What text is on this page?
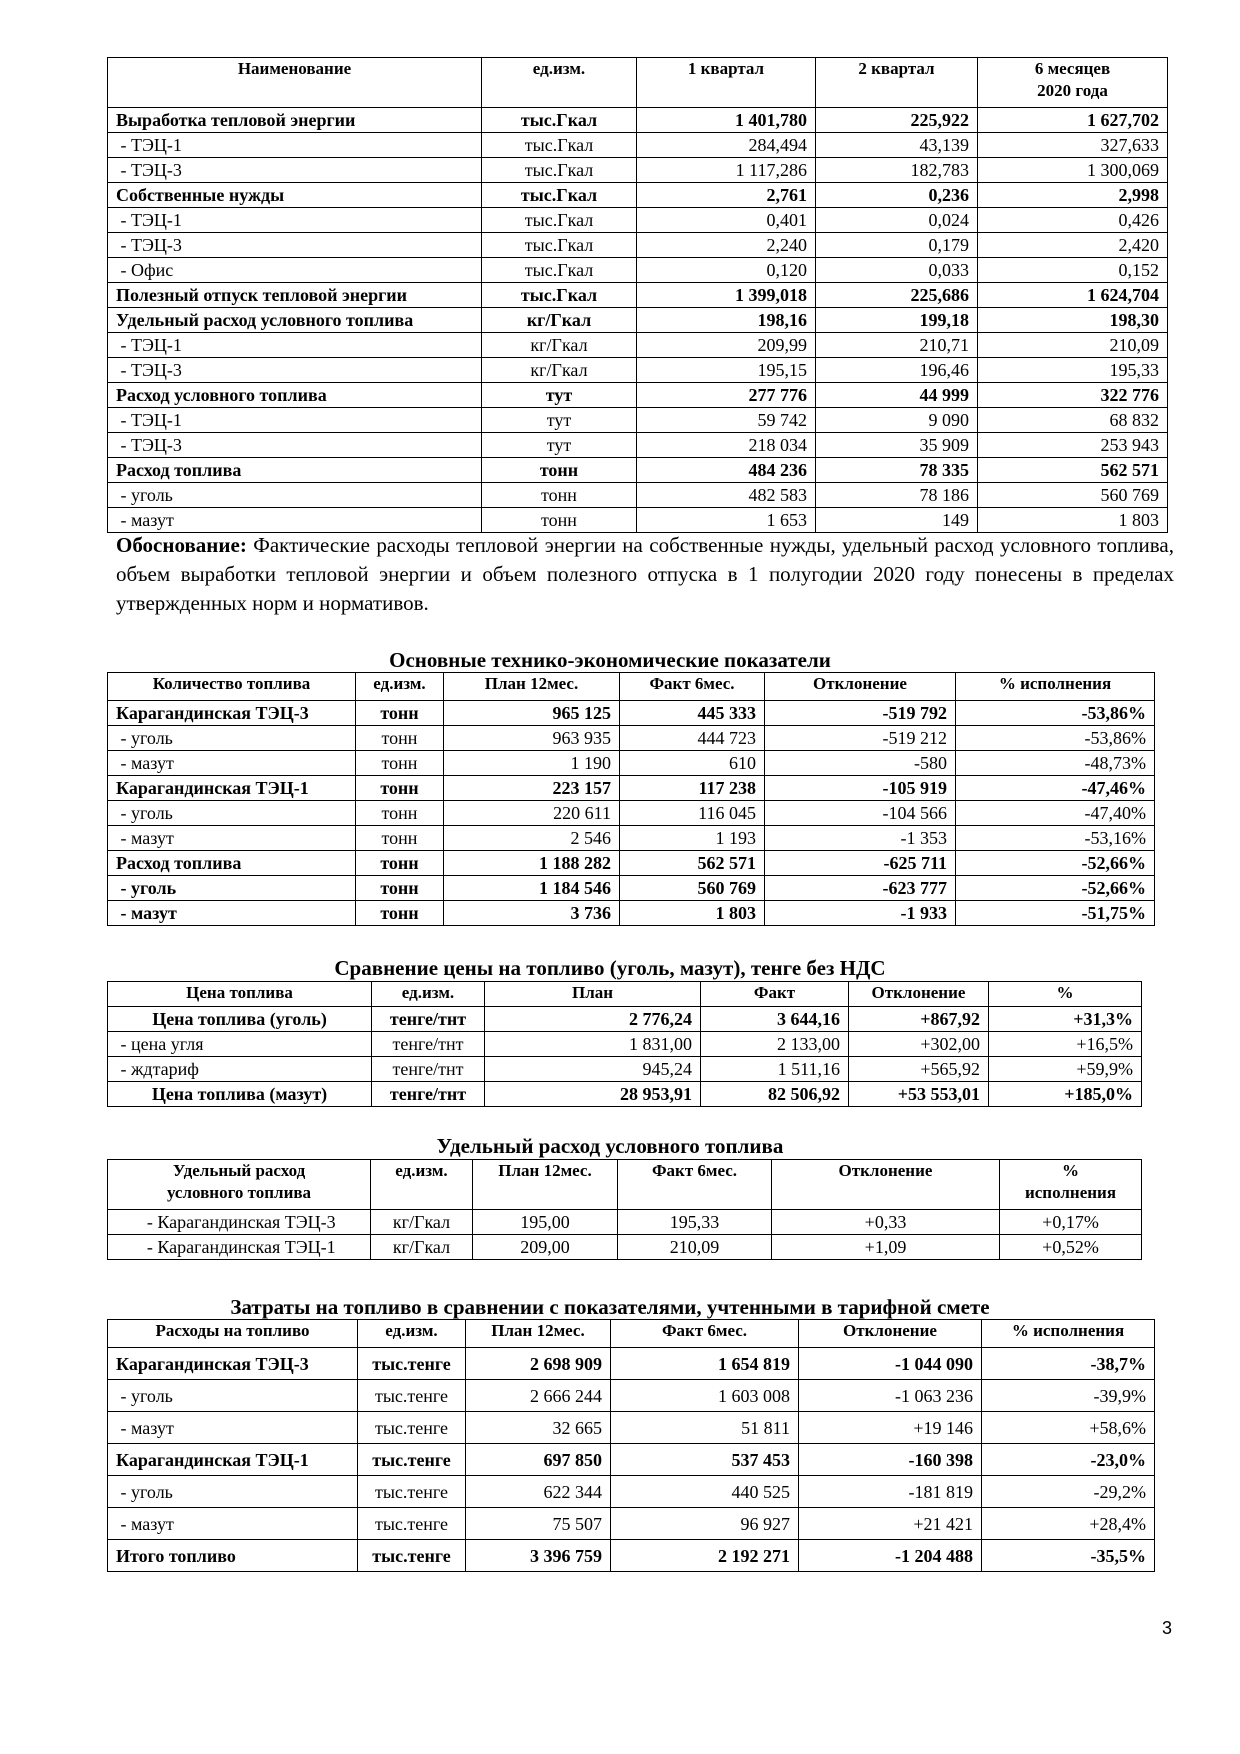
Наименование	ед.изм.	1 квартал	2 квартал	6 месяцев
2020 года
Выработка тепловой энергии	тыс.Гкал	1 401,780	225,922	1 627,702
- ТЭЦ-1	тыс.Гкал	284,494	43,139	327,633
- ТЭЦ-3	тыс.Гкал	1 117,286	182,783	1 300,069
Собственные нужды	тыс.Гкал	2,761	0,236	2,998
- ТЭЦ-1	тыс.Гкал	0,401	0,024	0,426
- ТЭЦ-3	тыс.Гкал	2,240	0,179	2,420
- Офис	тыс.Гкал	0,120	0,033	0,152
Полезный отпуск тепловой энергии	тыс.Гкал	1 399,018	225,686	1 624,704
Удельный расход условного топлива	кг/Гкал	198,16	199,18	198,30
- ТЭЦ-1	кг/Гкал	209,99	210,71	210,09
- ТЭЦ-3	кг/Гкал	195,15	196,46	195,33
Расход условного топлива	тут	277 776	44 999	322 776
- ТЭЦ-1	тут	59 742	9 090	68 832
- ТЭЦ-3	тут	218 034	35 909	253 943
Расход топлива	тонн	484 236	78 335	562 571
- уголь	тонн	482 583	78 186	560 769
- мазут	тонн	1 653	149	1 803
Обоснование: Фактические расходы тепловой энергии на собственные нужды, удельный расход условного топлива, объем выработки тепловой энергии и объем полезного отпуска в 1 полугодии 2020 году понесены в пределах утвержденных норм и нормативов.
Основные технико-экономические показатели
Количество топлива	ед.изм.	План 12мес.	Факт 6мес.	Отклонение	% исполнения
Карагандинская ТЭЦ-3	тонн	965 125	445 333	-519 792	-53,86%
- уголь	тонн	963 935	444 723	-519 212	-53,86%
- мазут	тонн	1 190	610	-580	-48,73%
Карагандинская ТЭЦ-1	тонн	223 157	117 238	-105 919	-47,46%
- уголь	тонн	220 611	116 045	-104 566	-47,40%
- мазут	тонн	2 546	1 193	-1 353	-53,16%
Расход топлива	тонн	1 188 282	562 571	-625 711	-52,66%
- уголь	тонн	1 184 546	560 769	-623 777	-52,66%
- мазут	тонн	3 736	1 803	-1 933	-51,75%
Сравнение цены на топливо (уголь, мазут), тенге без НДС
Цена топлива	ед.изм.	План	Факт	Отклонение	%
Цена топлива (уголь)	тенге/тнт	2 776,24	3 644,16	+867,92	+31,3%
- цена угля	тенге/тнт	1 831,00	2 133,00	+302,00	+16,5%
- ждтариф	тенге/тнт	945,24	1 511,16	+565,92	+59,9%
Цена топлива (мазут)	тенге/тнт	28 953,91	82 506,92	+53 553,01	+185,0%
Удельный расход условного топлива
Удельный расход
условного топлива	ед.изм.	План 12мес.	Факт 6мес.	Отклонение	%
исполнения
- Карагандинская ТЭЦ-3	кг/Гкал	195,00	195,33	+0,33	+0,17%
- Карагандинская ТЭЦ-1	кг/Гкал	209,00	210,09	+1,09	+0,52%
Затраты на топливо в сравнении с показателями, учтенными в тарифной смете
Расходы на топливо	ед.изм.	План 12мес.	Факт 6мес.	Отклонение	% исполнения
Карагандинская ТЭЦ-3	тыс.тенге	2 698 909	1 654 819	-1 044 090	-38,7%
- уголь	тыс.тенге	2 666 244	1 603 008	-1 063 236	-39,9%
- мазут	тыс.тенге	32 665	51 811	+19 146	+58,6%
Карагандинская ТЭЦ-1	тыс.тенге	697 850	537 453	-160 398	-23,0%
- уголь	тыс.тенге	622 344	440 525	-181 819	-29,2%
- мазут	тыс.тенге	75 507	96 927	+21 421	+28,4%
Итого топливо	тыс.тенге	3 396 759	2 192 271	-1 204 488	-35,5%
3
